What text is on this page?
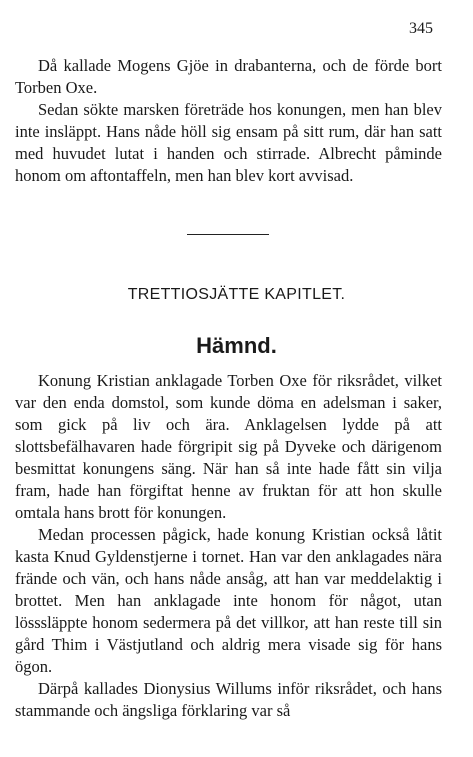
345

Då kallade Mogens Gjöe in drabanterna, och de förde bort Torben Oxe.

Sedan sökte marsken företräde hos konungen, men han blev inte insläppt. Hans nåde höll sig ensam på sitt rum, där han satt med huvudet lutat i handen och stirrade. Albrecht påminde honom om aftontaffeln, men han blev kort avvisad.

TRETTIOSJÄTTE KAPITLET.
Hämnd.

Konung Kristian anklagade Torben Oxe för riksrådet, vilket var den enda domstol, som kunde döma en adelsman i saker, som gick på liv och ära. Anklagelsen lydde på att slottsbefälhavaren hade förgripit sig på Dyveke och därigenom besmittat konungens säng. När han så inte hade fått sin vilja fram, hade han förgiftat henne av fruktan för att hon skulle omtala hans brott för konungen.

Medan processen pågick, hade konung Kristian också låtit kasta Knud Gyldenstjerne i tornet. Han var den anklagades nära frände och vän, och hans nåde ansåg, att han var meddelaktig i brottet. Men han anklagade inte honom för något, utan lösssläppte honom sedermera på det villkor, att han reste till sin gård Thim i Västjutland och aldrig mera visade sig för hans ögon.

Därpå kallades Dionysius Willums inför riksrådet, och hans stammande och ängsliga förklaring var så
